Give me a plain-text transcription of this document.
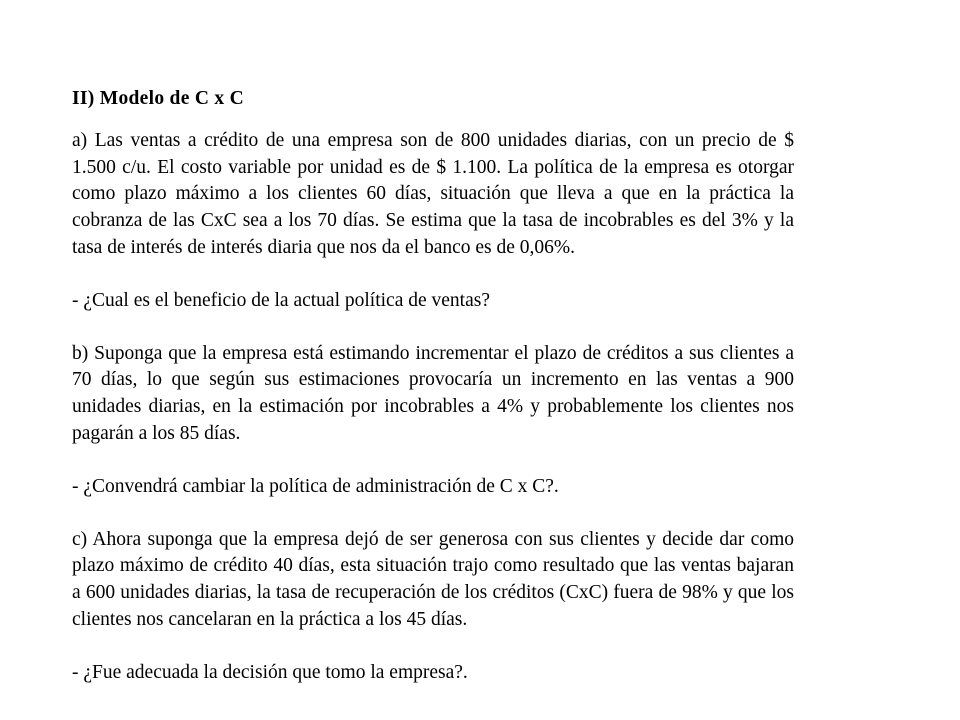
II) Modelo de C x C
a) Las ventas a crédito de una empresa son de 800 unidades diarias, con un precio de $ 1.500 c/u. El costo variable por unidad es de $ 1.100. La política de la empresa es otorgar como plazo máximo a los clientes 60 días, situación que lleva a que en la práctica la cobranza de las CxC sea a los 70 días. Se estima que la tasa de incobrables es del 3% y la tasa de interés de interés diaria que nos da el banco es de 0,06%.
- ¿Cual es el beneficio de la actual política de ventas?
b) Suponga que la empresa está estimando incrementar el plazo de créditos a sus clientes a 70 días, lo que según sus estimaciones provocaría un incremento en las ventas a 900 unidades diarias, en la estimación por incobrables a 4% y probablemente los clientes nos pagarán a los 85 días.
- ¿Convendrá cambiar la política de administración de C x C?.
c) Ahora suponga que la empresa dejó de ser generosa con sus clientes y decide dar como plazo máximo de crédito 40 días, esta situación trajo como resultado que las ventas bajaran a 600 unidades diarias, la tasa de recuperación de los créditos (CxC) fuera de 98% y que los clientes nos cancelaran en la práctica a los 45 días.
- ¿Fue adecuada la decisión que tomo la empresa?.
